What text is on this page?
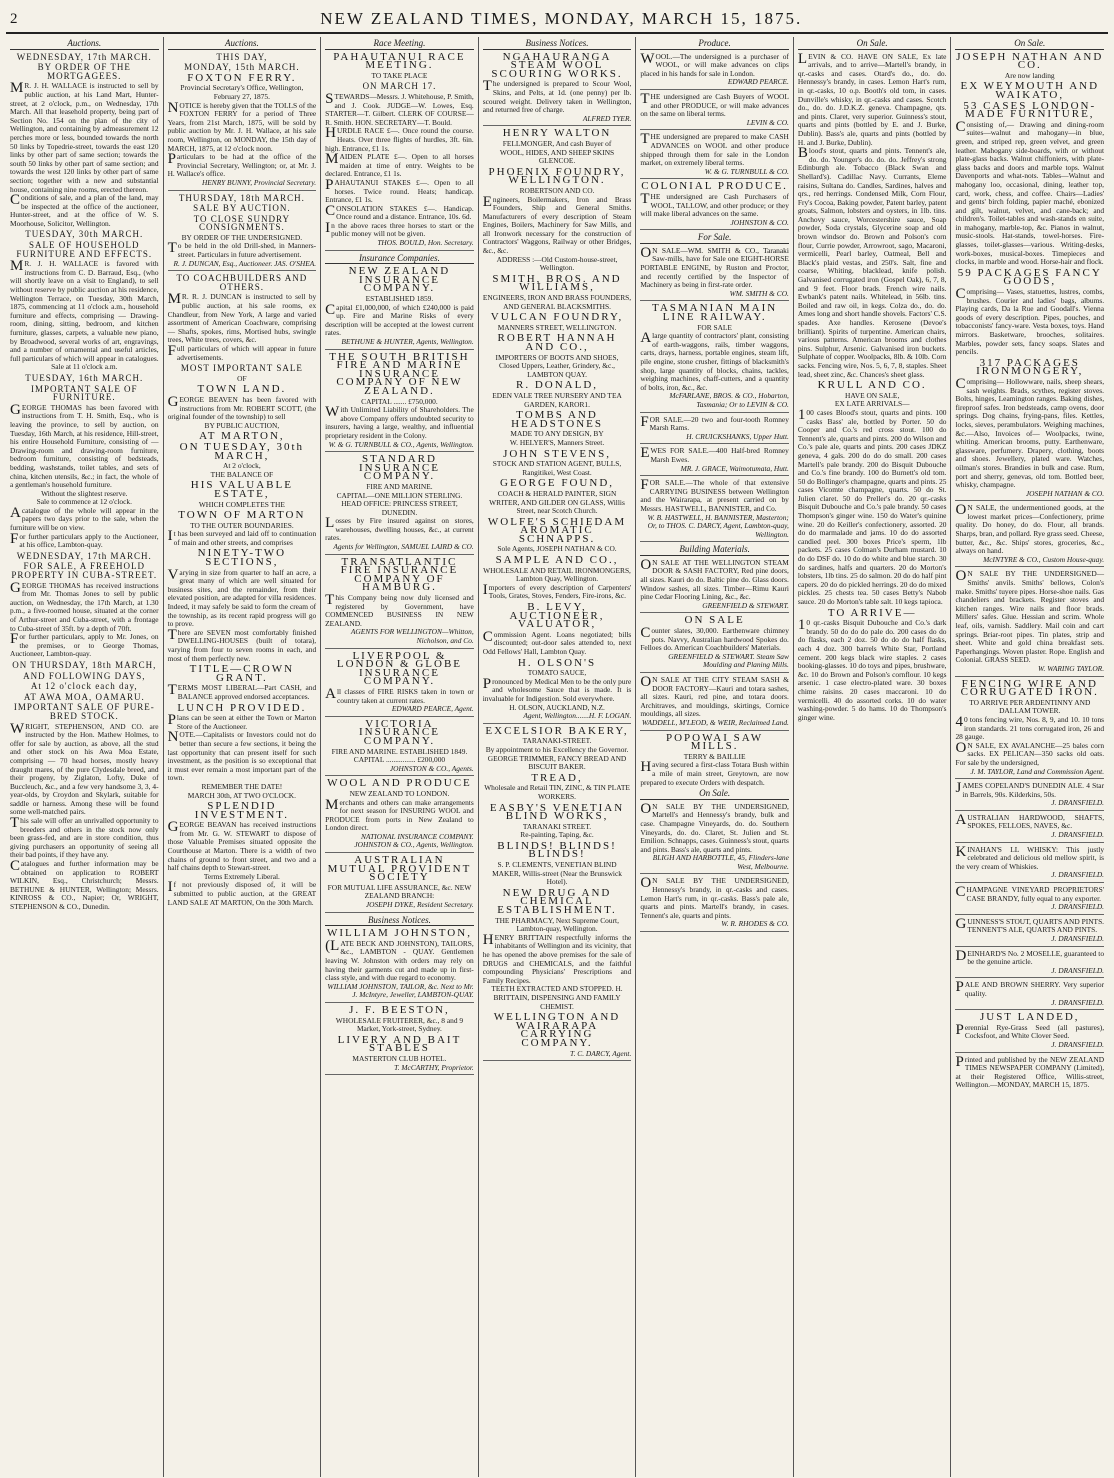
2	NEW ZEALAND TIMES, MONDAY, MARCH 15, 1875.
Auctions.
WEDNESDAY, 17th MARCH.
BY ORDER OF THE MORTGAGEES.
MR. J. H. WALLACE is instructed to sell by public auction, at his Land Mart, Hunter-street, at 2 o'clock, p.m., on Wednesday, 17th March. All that leasehold property, being part of Section No. 154 on the plan of the city of Wellington, and containing by admeasurement 12 perches more or less, bounded towards the north 50 links by Topedrie-street, towards the east 120 links by other part of same section; towards the south 50 links by other part of same section; and towards the west 120 links by other part of same section; together with a new and substantial house, containing nine rooms, erected thereon.
Conditions of sale, and a plan of the land, may be inspected at the office of the auctioneer, Hunter-street, and at the office of W. S. Moorhouse, Solicitor, Wellington.
TUESDAY, 30th MARCH.
SALE OF HOUSEHOLD FURNITURE AND EFFECTS.
MR. J. H. WALLACE is favored with instructions from C. D. Barraud, Esq., (who will shortly leave on a visit to England), to sell without reserve by public auction at his residence, Wellington Terrace, on Tuesday, 30th March, 1875, commencing at 11 o'clock a.m., household furniture and effects, comprising — Drawing-room, dining, sitting, bedroom, and kitchen furniture, glasses, carpets, a valuable new piano, by Broadwood, several works of art, engravings, and a number of ornamental and useful articles, full particulars of which will appear in catalogues.
Sale at 11 o'clock a.m.
TUESDAY, 16th MARCH.
IMPORTANT SALE OF FURNITURE.
GEORGE THOMAS has been favored with instructions from T. H. Smith, Esq., who is leaving the province, to sell by auction, on Tuesday, 16th March, at his residence, Hill-street, his entire Household Furniture, consisting of — Drawing-room and drawing-room furniture, bedroom furniture, consisting of bedsteads, bedding, washstands, toilet tables, and sets of china, kitchen utensils, &c.; in fact, the whole of a gentleman's household furniture.
Without the slightest reserve.
Sale to commence at 12 o'clock.
Acatalogue of the whole will appear in the papers two days prior to the sale, when the furniture will be on view.
For further particulars apply to the Auctioneer, at his office, Lambton-quay.
WEDNESDAY, 17th MARCH.
FOR SALE, A FREEHOLD PROPERTY IN CUBA-STREET.
GEORGE THOMAS has received instructions from Mr. Thomas Jones to sell by public auction, on Wednesday, the 17th March, at 1.30 p.m., a five-roomed house, situated at the corner of Arthur-street and Cuba-street, with a frontage to Cuba-street of 35ft. by a depth of 70ft.
For further particulars, apply to Mr. Jones, on the premises, or to George Thomas, Auctioneer, Lambton-quay.
ON THURSDAY, 18th MARCH,
AND FOLLOWING DAYS,
At 12 o'clock each day,
AT AWA MOA, OAMARU.
IMPORTANT SALE OF PURE-BRED STOCK.
WRIGHT, STEPHENSON, AND CO. are instructed by the Hon. Mathew Holmes, to offer for sale by auction, as above, all the stud and other stock on his Awa Moa Estate, comprising — 70 head horses, mostly heavy draught mares, of the pure Clydesdale breed, and their progeny, by Ziglaton, Lofty, Duke of Buccleuch, &c., and a few very handsome 3, 3, 4-year-olds, by Croydon and Skylark, suitable for saddle or harness. Among these will be found some well-matched pairs.
This sale will offer an unrivalled opportunity to breeders and others in the stock now only been grass-fed, and are in store condition, thus giving purchasers an opportunity of seeing all their bad points, if they have any.
Catalogues and further information may be obtained on application to ROBERT WILKIN, Esq., Christchurch; Messrs. BETHUNE & HUNTER, Wellington; Messrs. KINROSS & CO., Napier; Or, WRIGHT, STEPHENSON & CO., Dunedin.
Auctions.
THIS DAY,
MONDAY, 15th MARCH.
FOXTON FERRY.
Provincial Secretary's Office, Wellington, February 27, 1875.
NOTICE is hereby given that the TOLLS of the FOXTON FERRY for a period of Three Years, from 21st March, 1875, will be sold by public auction by Mr. J. H. Wallace, at his sale room, Wellington, on MONDAY, the 15th day of MARCH, 1875, at 12 o'clock noon.
Particulars to be had at the office of the Provincial Secretary, Wellington; or, at Mr. J. H. Wallace's office.
HENRY BUNNY, Provincial Secretary.
THURSDAY, 18th MARCH.
SALE BY AUCTION.
TO CLOSE SUNDRY CONSIGNMENTS.
BY ORDER OF THE UNDERSIGNED.
To be held in the old Drill-shed, in Manners-street. Particulars in future advertisement.
R. J. DUNCAN, Esq., Auctioneer. JAS. O'SHEA.
TO COACHBUILDERS AND OTHERS.
MR. R. J. DUNCAN is instructed to sell by public auction, at his sale rooms, ex Chandleur, from New York, A large and varied assortment of American Coachware, comprising — Shafts, spokes, rims, Mortised hubs, swingle trees, White trees, covers, &c.
Full particulars of which will appear in future advertisements.
MOST IMPORTANT SALE
OF
TOWN LAND.
GEORGE BEAVEN has been favored with instructions from Mr. ROBERT SCOTT, (the original founder of the township) to sell
BY PUBLIC AUCTION,
AT MARTON,
ON TUESDAY, 30th MARCH,
At 2 o'clock,
THE BALANCE OF
HIS VALUABLE ESTATE,
WHICH COMPLETES THE
TOWN OF MARTON
TO THE OUTER BOUNDARIES.
It has been surveyed and laid off to continuation of main and other streets, and comprises
NINETY-TWO SECTIONS,
Varying in size from quarter to half an acre, a great many of which are well situated for business sites, and the remainder, from their elevated position, are adapted for villa residences. Indeed, it may safely be said to form the cream of the township, as its recent rapid progress will go to prove.
There are SEVEN most comfortably finished DWELLING-HOUSES (built of totara), varying from four to seven rooms in each, and most of them perfectly new.
TITLE—CROWN GRANT.
TERMS MOST LIBERAL—Part CASH, and BALANCE approved endorsed acceptances.
LUNCH PROVIDED.
Plans can be seen at either the Town or Marton Store of the Auctioneer.
NOTE.—Capitalists or Investors could not do better than secure a few sections, it being the last opportunity that can present itself for such investment, as the position is so exceptional that it must ever remain a most important part of the town.
REMEMBER THE DATE!
MARCH 30th, AT TWO O'CLOCK.
SPLENDID INVESTMENT.
GEORGE BEAVAN has received instructions from Mr. G. W. STEWART to dispose of those Valuable Premises situated opposite the Courthouse at Marton. There is a width of two chains of ground to front street, and two and a half chains depth to Stewart-street.
Terms Extremely Liberal.
If not previously disposed of, it will be submitted to public auction, at the GREAT LAND SALE AT MARTON, On the 30th March.
Race Meeting.
PAHAUTANUI RACE MEETING.
TO TAKE PLACE
ON MARCH 17.
STEWARDS—Messrs. J. Whitehouse, P. Smith, and J. Cook. JUDGE—W. Lowes, Esq. STARTER—T. Gilbert. CLERK OF COURSE—R. Smith. HON. SECRETARY—T. Bould.
HURDLE RACE £—. Once round the course. Heats. Over three flights of hurdles, 3ft. 6in. high. Entrance, £1 1s.
MAIDEN PLATE £—. Open to all horses maiden at time of entry. Weights to be declared. Entrance, £1 1s.
PAHAUTANUI STAKES £—. Open to all horses. Twice round. Heats; handicap. Entrance, £1 1s.
CONSOLATION STAKES £—. Handicap. Once round and a distance. Entrance, 10s. 6d.
In the above races three horses to start or the public money will not be given.
THOS. BOULD, Hon. Secretary.
Insurance Companies.
NEW ZEALAND INSURANCE COMPANY.
ESTABLISHED 1859.
Capital £1,000,000, of which £240,000 is paid up. Fire and Marine Risks of every description will be accepted at the lowest current rates.
BETHUNE & HUNTER, Agents, Wellington.
THE SOUTH BRITISH FIRE AND MARINE INSURANCE COMPANY OF NEW ZEALAND.
CAPITAL ....... £750,000.
With Unlimited Liability of Shareholders. The above Company offers undoubted security to insurers, having a large, wealthy, and influential proprietary resident in the Colony.
W. & G. TURNBULL & CO., Agents, Wellington.
STANDARD INSURANCE COMPANY.
FIRE AND MARINE.
CAPITAL—ONE MILLION STERLING.
HEAD OFFICE: PRINCESS STREET, DUNEDIN.
Losses by Fire insured against on stores, warehouses, dwelling houses, &c., at current rates.
Agents for Wellington, SAMUEL LAIRD & CO.
TRANSATLANTIC FIRE INSURANCE COMPANY OF HAMBURG.
This Company being now duly licensed and registered by Government, have COMMENCED BUSINESS IN NEW ZEALAND.
AGENTS FOR WELLINGTON—Whitton, Nicholson, and Co.
LIVERPOOL & LONDON & GLOBE INSURANCE COMPANY.
All classes of FIRE RISKS taken in town or country taken at current rates.
EDWARD PEARCE, Agent.
VICTORIA INSURANCE COMPANY.
FIRE AND MARINE. ESTABLISHED 1849.
CAPITAL ................ £200,000
JOHNSTON & CO., Agents.
WOOL AND PRODUCE
NEW ZEALAND TO LONDON.
Merchants and others can make arrangements for next season for INSURING WOOL and PRODUCE from ports in New Zealand to London direct.
NATIONAL INSURANCE COMPANY. JOHNSTON & CO., Agents, Wellington.
AUSTRALIAN MUTUAL PROVIDENT SOCIETY
FOR MUTUAL LIFE ASSURANCE, &c. NEW ZEALAND BRANCH:
JOSEPH DYKE, Resident Secretary.
Business Notices.
WILLIAM JOHNSTON,
(LATE BECK AND JOHNSTON), TAILORS, &c., LAMBTON - QUAY. Gentlemen leaving W. Johnston with orders may rely on having their garments cut and made up in first-class style, and with due regard to economy.
WILLIAM JOHNSTON, TAILOR, &c. Next to Mr. J. McIntyre, Jeweller, LAMBTON-QUAY.
J. F. BEESTON,
WHOLESALE FRUITERER, &c., 8 and 9 Market, York-street, Sydney.
LIVERY AND BAIT STABLES
MASTERTON CLUB HOTEL.
T. McCARTHY, Proprietor.
Business Notices.
NGAHAURANGA STEAM WOOL SCOURING WORKS.
The undersigned is prepared to Scour Wool, Skins, and Pelts, at 1d. (one penny) per lb. scoured weight. Delivery taken in Wellington, and returned free of charge.
ALFRED TYER.
HENRY WALTON
FELLMONGER, And cash Buyer of
WOOL, HIDES, AND SHEEP SKINS GLENCOE.
PHOENIX FOUNDRY, WELLINGTON.
ROBERTSON AND CO.
Engineers, Boilermakers, Iron and Brass Founders, Ship and General Smiths. Manufacturers of every description of Steam Engines, Boilers, Machinery for Saw Mills, and all Ironwork necessary for the construction of Contractors' Waggons, Railway or other Bridges, &c., &c.
ADDRESS :—Old Custom-house-street, Wellington.
SMITH, BROS. AND WILLIAMS,
ENGINEERS, IRON AND BRASS FOUNDERS, AND GENERAL BLACKSMITHS.
VULCAN FOUNDRY,
MANNERS STREET, WELLINGTON.
ROBERT HANNAH AND CO.,
IMPORTERS OF BOOTS AND SHOES,
Closed Uppers, Leather, Grindery, &c., LAMBTON QUAY.
R. DONALD,
EDEN VALE TREE NURSERY AND TEA GARDEN, KAROR1.
TOMBS AND HEADSTONES
MADE TO ANY DESIGN, BY
W. HELYER'S, Manners Street.
JOHN STEVENS,
STOCK AND STATION AGENT, BULLS, Rangitikei, West Coast.
GEORGE FOUND,
COACH & HERALD PAINTER, SIGN WRITER, AND GILDER ON GLASS, Willis Street, near Scotch Church.
WOLFE'S SCHIEDAM AROMATIC SCHNAPPS.
Sole Agents, JOSEPH NATHAN & CO.
SAMPLE AND CO.,
WHOLESALE AND RETAIL IRONMONGERS, Lambton Quay, Wellington.
Importers of every description of Carpenters' Tools, Grates, Stoves, Fenders, Fire-irons, &c.
B. LEVY, AUCTIONEER, VALUATOR,
Commission Agent. Loans negotiated; bills discounted; out-door sales attended to, next Odd Fellows' Hall, Lambton Quay.
H. OLSON'S
TOMATO SAUCE,
Pronounced by Medical Men to be the only pure and wholesome Sauce that is made. It is invaluable for Indigestion. Sold everywhere.
H. OLSON, AUCKLAND, N.Z.
Agent, Wellington.......H. F. LOGAN.
EXCELSIOR BAKERY,
TARANAKI-STREET.
By appointment to his Excellency the Governor.
GEORGE TRIMMER, FANCY BREAD AND BISCUIT BAKER.
TREAD,
Wholesale and Retail TIN, ZINC, & TIN PLATE WORKERS.
EASBY'S VENETIAN BLIND WORKS,
TARANAKI STREET.
Re-painting, Taping, &c.
BLINDS! BLINDS! BLINDS!
S. P. CLEMENTS, VENETIAN BLIND MAKER, Willis-street (Near the Brunswick Hotel).
NEW DRUG AND CHEMICAL ESTABLISHMENT.
THE PHARMACY, Next Supreme Court, Lambton-quay, Wellington.
HENRY BRITTAIN respectfully informs the inhabitants of Wellington and its vicinity, that he has opened the above premises for the sale of DRUGS and CHEMICALS, and the faithful compounding Physicians' Prescriptions and Family Recipes.
TEETH EXTRACTED AND STOPPED. H. BRITTAIN, DISPENSING AND FAMILY CHEMIST.
WELLINGTON AND WAIRARAPA CARRYING COMPANY.
T. C. DARCY, Agent.
Produce.
WOOL.—The undersigned is a purchaser of WOOL, or will make advances on clips placed in his hands for sale in London.
EDWARD PEARCE.
THE undersigned are Cash Buyers of WOOL and other PRODUCE, or will make advances on the same on liberal terms.
LEVIN & CO.
THE undersigned are prepared to make CASH ADVANCES on WOOL and other produce shipped through them for sale in the London market, on extremely liberal terms.
W. & G. TURNBULL & CO.
COLONIAL PRODUCE.
THE undersigned are Cash Purchasers of WOOL, TALLOW, and other produce; or they will make liberal advances on the same.
JOHNSTON & CO.
For Sale.
ON SALE—WM. SMITH & CO., Taranaki Saw-mills, have for Sale one EIGHT-HORSE PORTABLE ENGINE, by Ruston and Proctor, and recently certified by the Inspector of Machinery as being in first-rate order.
WM. SMITH & CO.
TASMANIAN MAIN LINE RAILWAY.
FOR SALE
Alarge quantity of contractors' plant, consisting of earth-waggons, rails, timber waggons, carts, drays, harness, portable engines, steam lift, pile engine, stone crusher, fittings of blacksmith's shop, large quantity of blocks, chains, tackles, weighing machines, chaff-cutters, and a quantity of bolts, iron, &c., &c.
McFARLANE, BROS. & CO., Hobarton, Tasmania; Or to LEVIN & CO.
FOR SALE.—20 two and four-tooth Romney Marsh Rams.
H. CRUICKSHANKS, Upper Hutt.
EWES FOR SALE.—400 Half-bred Romney Marsh Ewes.
MR. J. GRACE, Waimotumata, Hutt.
FOR SALE.—The whole of that extensive CARRYING BUSINESS between Wellington and the Wairarapa, at present carried on by Messrs. HASTWELL, BANNISTER, and Co.
W. B. HASTWELL, H. BANNISTER, Masterton; Or, to THOS. C. DARCY, Agent, Lambton-quay, Wellington.
Building Materials.
ON SALE AT THE WELLINGTON STEAM DOOR & SASH FACTORY, Red pine doors, all sizes. Kauri do do. Baltic pine do. Glass doors. Window sashes, all sizes. Timber—Rimu Kauri pine Cedar Flooring Lining, &c., &c.
GREENFIELD & STEWART.
ON SALE
Counter slates, 30,000. Earthenware chimney pots. Navvy, Australian hardwood Spokes do. Felloes do. American Coachbuilders' Materials.
GREENFIELD & STEWART. Steam Saw Moulding and Planing Mills.
ON SALE AT THE CITY STEAM SASH & DOOR FACTORY—Kauri and totara sashes, all sizes. Kauri, red pine, and totara doors. Architraves, and mouldings, skirtings, Cornice mouldings, all sizes.
WADDELL, M'LEOD, & WEIR, Reclaimed Land.
POPOWAI SAW MILLS.
TERRY & BAILLIE
Having secured a first-class Totara Bush within a mile of main street, Greytown, are now prepared to execute Orders with despatch.
On Sale.
ON SALE BY THE UNDERSIGNED, Martell's and Hennessy's brandy, bulk and case. Champagne Vineyards, do. do. Southern Vineyards, do. do. Claret, St. Julien and St. Emilion. Schnapps, cases. Guinness's stout, quarts and pints. Bass's ale, quarts and pints.
BLIGH AND HARBOTTLE, 45, Flinders-lane West, Melbourne.
ON SALE BY THE UNDERSIGNED, Hennessy's brandy, in qr.-casks and cases. Lemon Hart's rum, in qr.-casks. Bass's pale ale, quarts and pints. Martell's brandy, in cases. Tennent's ale, quarts and pints.
W. R. RHODES & CO.
On Sale.
LEVIN & CO. HAVE ON SALE, Ex late arrivals, and to arrive—Martell's brandy, in qr.-casks and cases. Otard's do., do. do. Hennessy's brandy, in cases. Lemon Hart's rum, in qr.-casks, 10 o.p. Booth's old tom, in cases. Dunville's whisky, in qr.-casks and cases. Scotch do., do. do. J.D.K.Z. geneva. Champagne, qts. and pints. Claret, very superior. Guinness's stout, quarts and pints (bottled by E. and J. Burke, Dublin). Bass's ale, quarts and pints (bottled by H. and J. Burke, Dublin).
Blood's stout, quarts and pints. Tennent's ale, do. do. Younger's do. do. do. Jeffrey's strong Edinburgh ale. Tobacco (Black Swan and Shellard's). Cadillac Navy. Currants, Eleme raisins, Sultana do. Candles, Sardines, halves and qrs., red herrings. Condensed Milk, Corn Flour, Fry's Cocoa, Baking powder, Patent barley, patent groats, Salmon, lobsters and oysters, in 1lb. tins. Anchovy sauce, Worcestershire sauce, Soap powder, Soda crystals, Glycerine soap and old brown windsor do. Brown and Polson's corn flour, Currie powder, Arrowroot, sago, Macaroni, vermicelli, Pearl barley, Oatmeal, Bell and Black's plaid vestas, and 250's. Salt, fine and coarse, Whiting, blacklead, knife polish. Galvanised corrugated iron (Gospel Oak), 6, 7, 8, and 9 feet. Floor brads. French wire nails. Ewbank's patent nails. Whitelead, in 56lb. tins. Boiled and raw oil, in kegs. Colza do., do. do. Ames long and short handle shovels. Factors' C.S. spades. Axe handles. Kerosene (Devoe's brilliant). Spirits of turpentine. American chairs, various patterns. American brooms and clothes pins. Sulphur, Arsenic. Galvanised iron buckets. Sulphate of copper. Woolpacks, 8lb. & 10lb. Corn sacks. Fencing wire, Nos. 5, 6, 7, 8, staples. Sheet lead, sheet zinc, &c. Chances's sheet glass.
KRULL AND CO.
HAVE ON SALE,
EX LATE ARRIVALS—
100 cases Blood's stout, quarts and pints. 100 casks Bass' ale, bottled by Porter. 50 do Cooper and Co.'s red cross stout. 100 do Tennent's ale, quarts and pints. 200 do Wilson and Co.'s pale ale, quarts and pints. 200 cases JDKZ geneva, 4 gals. 200 do do do small. 200 cases Martell's pale brandy. 200 do Bisquit Dubouche and Co.'s fine brandy. 100 do Burnett's old tom. 50 do Bollinger's champagne, quarts and pints. 25 cases Vicomte champagne, quarts. 50 do St. Julien claret. 50 do Preller's do. 20 qr.-casks Bisquit Dubouche and Co.'s pale brandy. 50 cases Thompson's ginger wine. 150 do Water's quinine wine. 20 do Keiller's confectionery, assorted. 20 do do marmalade and jams. 10 do do assorted candied peel. 300 boxes Price's sperm, 1lb packets. 25 cases Colman's Durham mustard. 10 do do DSF do. 10 do do white and blue starch. 30 do sardines, halfs and quarters. 20 do Morton's lobsters, 1lb tins. 25 do salmon. 20 do do half pint capers. 20 do do pickled herrings. 20 do do mixed pickles. 25 chests tea. 50 cases Betty's Nabob sauce. 20 do Morton's table salt. 10 kegs tapioca.
TO ARRIVE—
10 qr.-casks Bisquit Dubouche and Co.'s dark brandy. 50 do do do pale do. 200 cases do do do flasks, each 2 doz. 50 do do do half flasks, each 4 doz. 300 barrels White Star, Portland cement. 200 kegs black wire staples. 2 cases booking-glasses. 10 do toys and pipes, brushware, &c. 10 do Brown and Polson's cornflour. 10 kegs arsenic. 1 case electro-plated ware. 30 boxes chime raisins. 20 cases maccaroni. 10 do vermicelli. 40 do assorted corks. 10 do water washing-powder. 5 do hams. 10 do Thompson's ginger wine.
On Sale.
JOSEPH NATHAN AND CO.
Are now landing
EX WEYMOUTH AND WAIKATO,
53 CASES LONDON-MADE FURNITURE,
Consisting of,— Drawing and dining-room suites—walnut and mahogany—in blue, green, and striped rep, green velvet, and green leather. Mahogany side-boards, with or without plate-glass backs. Walnut chiffoniers, with plate-glass backs and doors and marble tops. Walnut Davenports and what-nots. Tables—Walnut and mahogany loo, occasional, dining, leather top, card, work, chess, and coffee. Chairs—Ladies' and gents' birch folding, papier maché, ebonized and gilt, walnut, velvet, and cane-back; and children's. Toilet-tables and wash-stands en suite, in mahogany, marble-top, &c. Pianos in walnut, music-stools. Hat-stands, towel-horses. Fire-glasses, toilet-glasses—various. Writing-desks, work-boxes, musical-boxes. Timepieces and clocks, in marble and wood. Horse-hair and flock.
59 PACKAGES FANCY GOODS,
Comprising— Vases, statuettes, lustres, combs, brushes. Courier and ladies' bags, albums. Playing cards, Da la Rue and Goodall's. Vienna goods of every description. Pipes, pouches, and tobacconists' fancy-ware. Vesta boxes, toys. Hand mirrors. Basketware, brooches, solitaires. Marbles, powder sets, fancy soaps. Slates and pencils.
317 PACKAGES IRONMONGERY,
Comprising— Hollowware, nails, sheep shears, sash weights. Brads, scythes, register stoves. Bolts, hinges, Leamington ranges. Baking dishes, fireproof safes. Iron bedsteads, camp ovens, door springs. Dog chains, frying-pans, files. Kettles, locks, sieves, perambulators. Weighing machines, &c.—Also, Invoices of— Woolpacks, twine, whiting. American brooms, putty. Earthenware, glassware, perfumery. Drapery, clothing, boots and shoes. Jewellery, plated ware. Watches, oilman's stores. Brandies in bulk and case. Rum, port and sherry, genevas, old tom. Bottled beer, whisky, champagne.
JOSEPH NATHAN & CO.
ON SALE, the undermentioned goods, at the lowest market prices—Confectionery, prime quality. Do honey, do do. Flour, all brands. Sharps, bran, and pollard. Rye grass seed. Cheese, butter, &c., &c. Ships' stores, groceries, &c., always on hand.
McINTYRE & CO., Custom House-quay.
ON SALE BY THE UNDERSIGNED—Smiths' anvils. Smiths' bellows, Colon's make. Smiths' tuyere pipes. Horse-shoe nails. Gas chandeliers and brackets. Register stoves and kitchen ranges. Wire nails and floor brads. Millers' safes. Glue. Hessian and scrim. Whole leaf, oils, varnish. Saddlery. Mail coin and cart springs. Briar-root pipes. Tin plates, strip and sheet. White and gold china breakfast sets. Paperhangings. Woven plaster. Rope. English and Colonial. GRASS SEED.
W. WARING TAYLOR.
FENCING WIRE AND CORRUGATED IRON.
TO ARRIVE PER ARDENTINNY AND DALLAM TOWER.
40 tons fencing wire, Nos. 8, 9, and 10. 10 tons iron standards. 21 tons corrugated iron, 26 and 28 gauge.
ON SALE, EX AVALANCHE—25 bales corn sacks. EX PELICAN—350 sacks old oats. For sale by the undersigned,
J. M. TAYLOR, Land and Commission Agent.
JAMES COPELAND'S DUNEDIN ALE. 4 Star in Barrels, 90s. Kilderkins, 50s.
J. DRANSFIELD.
AUSTRALIAN HARDWOOD, SHAFTS, SPOKES, FELLOES, NAVES, &c.
J. DRANSFIELD.
KINAHAN'S LL WHISKY: This justly celebrated and delicious old mellow spirit, is the very cream of Whiskies.
J. DRANSFIELD.
CHAMPAGNE VINEYARD PROPRIETORS' CASE BRANDY, fully equal to any exporter.
J. DRANSFIELD.
GUINNESS'S STOUT, QUARTS AND PINTS. TENNENT'S ALE, QUARTS AND PINTS.
J. DRANSFIELD.
DEINHARD'S No. 2 MOSELLE, guaranteed to be the genuine article.
J. DRANSFIELD.
PALE AND BROWN SHERRY. Very superior quality.
J. DRANSFIELD.
JUST LANDED,
Perennial Rye-Grass Seed (all pastures), Cocksfoot, and White Clover Seed.
J. DRANSFIELD.
Printed and published by the NEW ZEALAND TIMES NEWSPAPER COMPANY (Limited), at their Registered Office, Willis-street, Wellington.—MONDAY, MARCH 15, 1875.
